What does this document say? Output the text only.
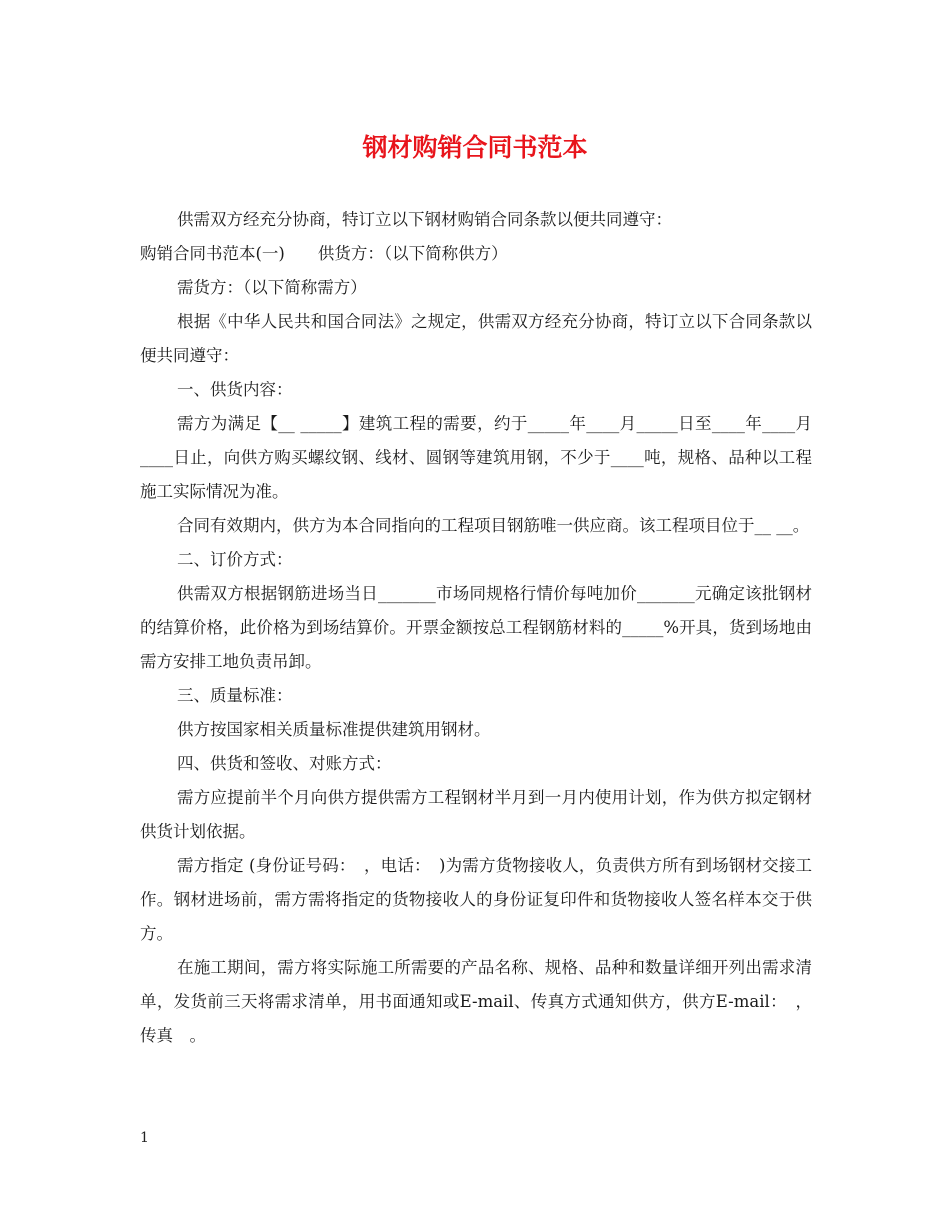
钢材购销合同书范本

供需双方经充分协商，特订立以下钢材购销合同条款以便共同遵守：

购销合同书范本(一)　　供货方：（以下简称供方）

需货方：（以下简称需方）

根据《中华人民共和国合同法》之规定，供需双方经充分协商，特订立以下合同条款以便共同遵守：

一、供货内容：

需方为满足【__ _____】建筑工程的需要，约于_____年____月_____日至____年____月____日止，向供方购买螺纹钢、线材、圆钢等建筑用钢，不少于____吨，规格、品种以工程施工实际情况为准。

合同有效期内，供方为本合同指向的工程项目钢筋唯一供应商。该工程项目位于__ __。

二、订价方式：

供需双方根据钢筋进场当日_______市场同规格行情价每吨加价_______元确定该批钢材的结算价格，此价格为到场结算价。开票金额按总工程钢筋材料的_____%开具，货到场地由需方安排工地负责吊卸。

三、质量标准：

供方按国家相关质量标准提供建筑用钢材。

四、供货和签收、对账方式：

需方应提前半个月向供方提供需方工程钢材半月到一月内使用计划，作为供方拟定钢材供货计划依据。

需方指定 (身份证号码：　，电话：　)为需方货物接收人，负责供方所有到场钢材交接工作。钢材进场前，需方需将指定的货物接收人的身份证复印件和货物接收人签名样本交于供方。

在施工期间，需方将实际施工所需要的产品名称、规格、品种和数量详细开列出需求清单，发货前三天将需求清单，用书面通知或E-mail、传真方式通知供方，供方E-mail：　，传真　。

1
